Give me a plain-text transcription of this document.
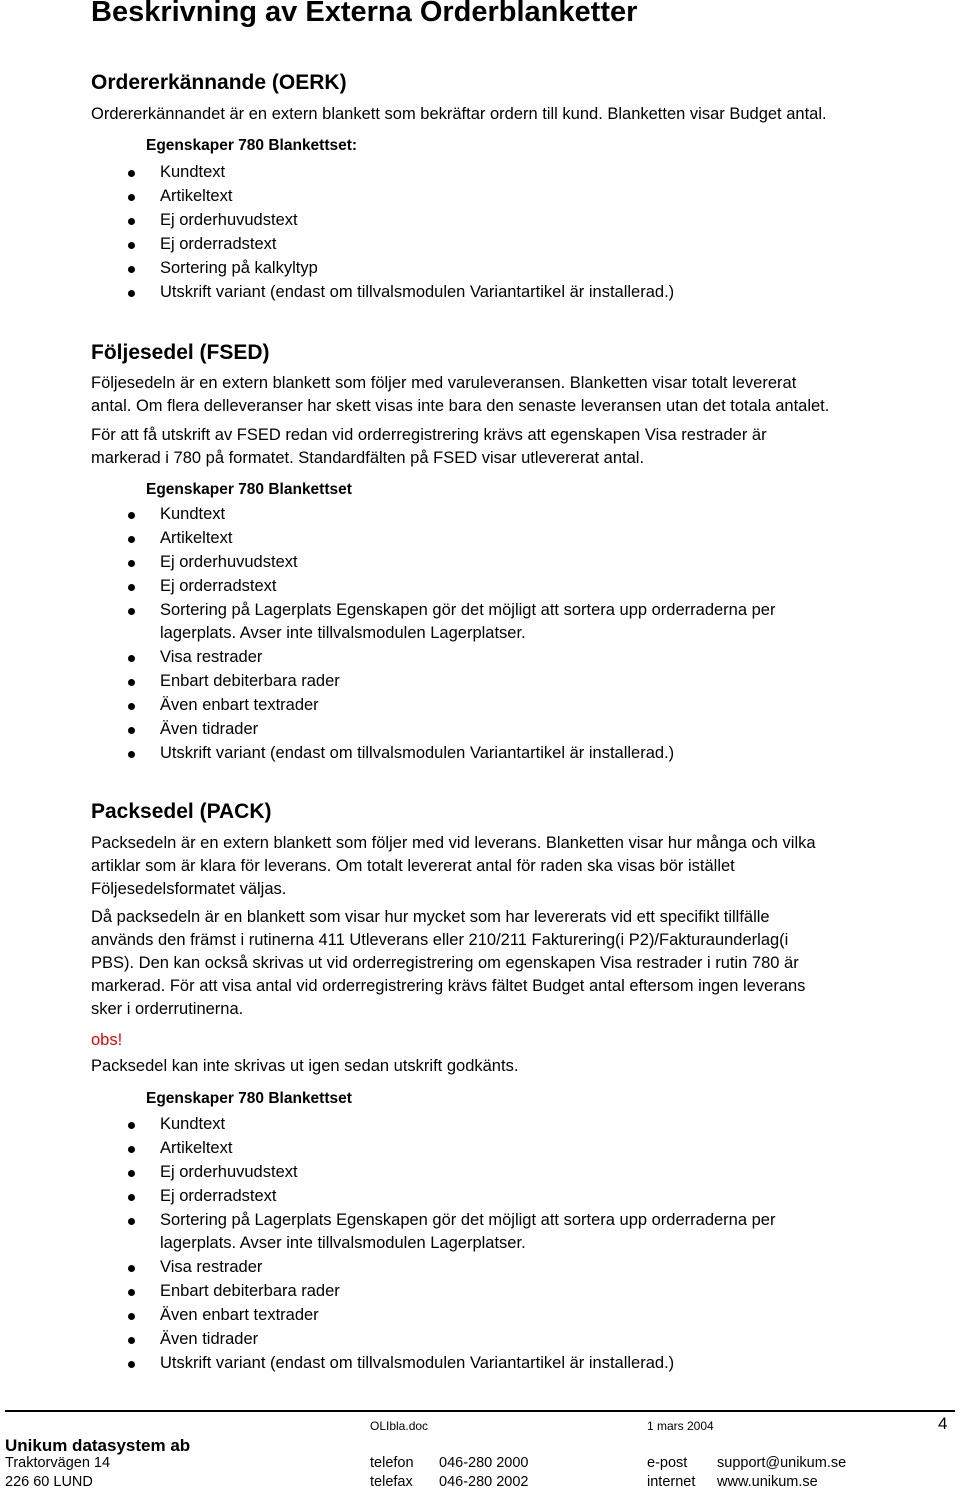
Beskrivning av Externa Orderblanketter
Ordererkännande (OERK)
Ordererkännandet är en extern blankett som bekräftar ordern till kund. Blanketten visar Budget antal.
Egenskaper 780 Blankettset:
Kundtext
Artikeltext
Ej orderhuvudstext
Ej orderradstext
Sortering på kalkyltyp
Utskrift variant (endast om tillvalsmodulen Variantartikel är installerad.)
Följesedel (FSED)
Följesedeln är en extern blankett som följer med varuleveransen. Blanketten visar totalt levererat
antal. Om flera delleveranser har skett visas inte bara den senaste leveransen utan det totala antalet.
För att få utskrift av FSED redan vid orderregistrering krävs att egenskapen Visa restrader är
markerad i 780 på formatet. Standardfälten på FSED visar utlevererat antal.
Egenskaper 780 Blankettset
Kundtext
Artikeltext
Ej orderhuvudstext
Ej orderradstext
Sortering på Lagerplats Egenskapen gör det möjligt att sortera upp orderraderna per
Visa restrader
Enbart debiterbara rader
Även enbart textrader
Även tidrader
Utskrift variant (endast om tillvalsmodulen Variantartikel är installerad.)
lagerplats. Avser inte tillvalsmodulen Lagerplatser.
Packsedel (PACK)
Packsedeln är en extern blankett som följer med vid leverans. Blanketten visar hur många och vilka
artiklar som är klara för leverans. Om totalt levererat antal för raden ska visas bör istället
Följesedelsformatet väljas.
Då packsedeln är en blankett som visar hur mycket som har levererats vid ett specifikt tillfälle
används den främst i rutinerna 411 Utleverans eller 210/211 Fakturering(i P2)/Fakturaunderlag(i
PBS). Den kan också skrivas ut vid orderregistrering om egenskapen Visa restrader i rutin 780 är
markerad. För att visa antal vid orderregistrering krävs fältet Budget antal eftersom ingen leverans
sker i orderrutinerna.
obs!
Packsedel kan inte skrivas ut igen sedan utskrift godkänts.
Egenskaper 780 Blankettset
Kundtext
Artikeltext
Ej orderhuvudstext
Ej orderradstext
Sortering på Lagerplats Egenskapen gör det möjligt att sortera upp orderraderna per
Visa restrader
Enbart debiterbara rader
Även enbart textrader
Även tidrader
Utskrift variant (endast om tillvalsmodulen Variantartikel är installerad.)
lagerplats. Avser inte tillvalsmodulen Lagerplatser.
OLIbla.doc	1 mars 2004	4
Unikum datasystem ab
Traktorvägen 14
226 60 LUND
telefon 046-280 2000
telefax 046-280 2002
e-post support@unikum.se
internet www.unikum.se
